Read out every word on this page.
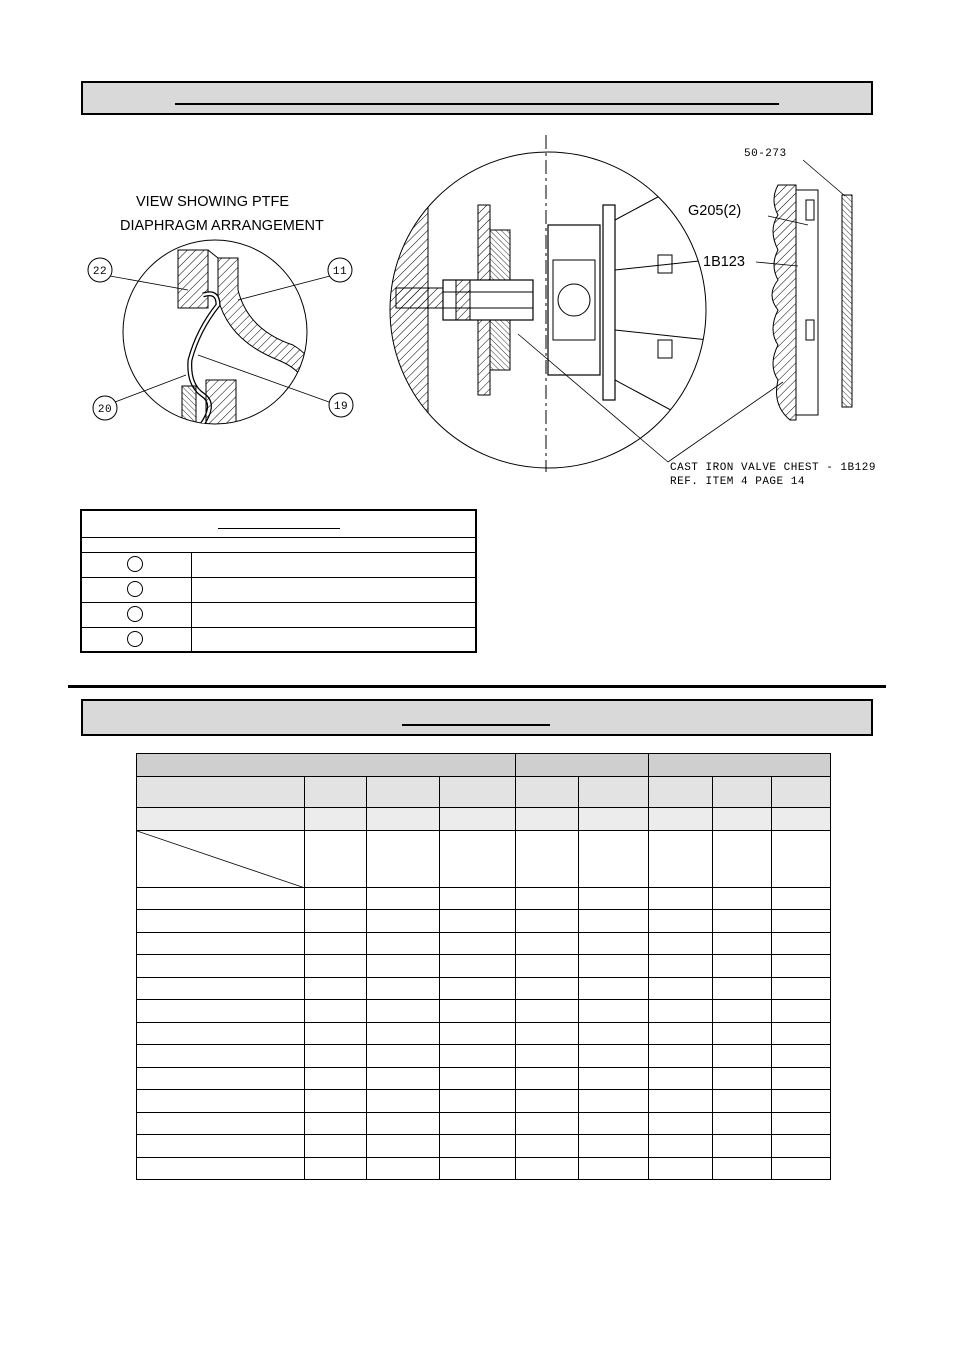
VIEW SHOWING PTFE
DIAPHRAGM ARRANGEMENT
22	11
20	19
50-273
G205(2)
1B123
CAST IRON VALVE CHEST - 1B129
REF. ITEM 4 PAGE 14
